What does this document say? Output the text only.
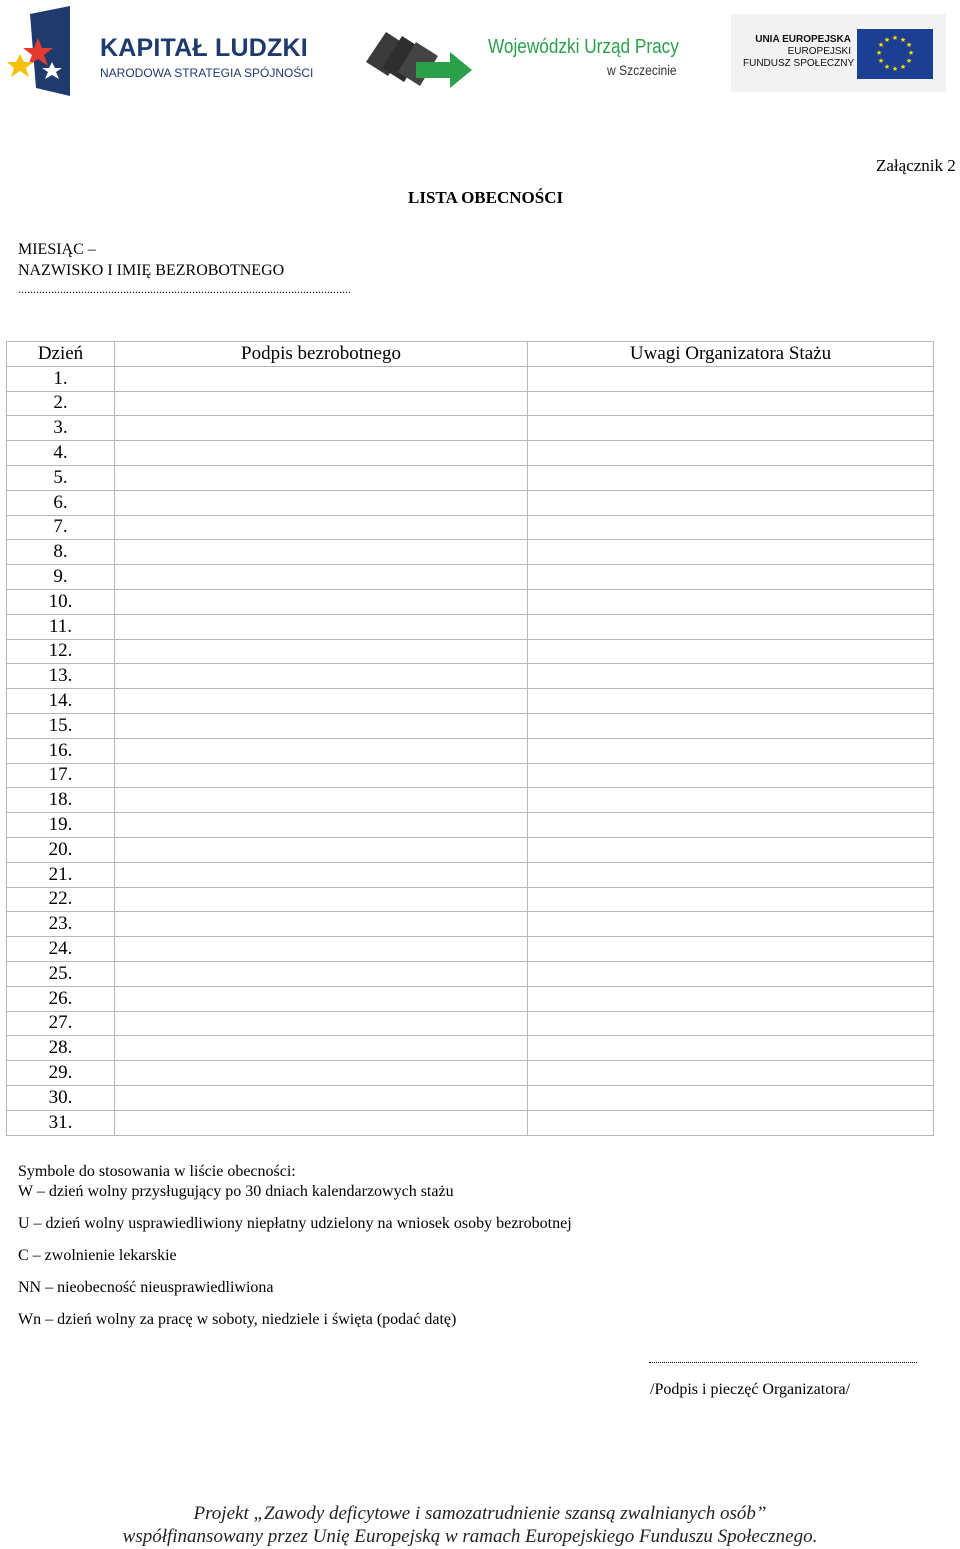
KAPITAŁ LUDZKI
NARODOWA STRATEGIA SPÓJNOŚCI
Wojewódzki Urząd Pracy
w Szczecinie
UNIA EUROPEJSKA
EUROPEJSKI
FUNDUSZ SPOŁECZNY
★ ★
★
★
★
★
★
★
★
★
★
★
Załącznik 2
LISTA OBECNOŚCI
MIESIĄC –
NAZWISKO I IMIĘ BEZROBOTNEGO
...............................................................................................................
Dzień	Podpis bezrobotnego	Uwagi Organizatora Stażu
1.		
2.		
3.		
4.		
5.		
6.		
7.		
8.		
9.		
10.		
11.		
12.		
13.		
14.		
15.		
16.		
17.		
18.		
19.		
20.		
21.		
22.		
23.		
24.		
25.		
26.		
27.		
28.		
29.		
30.		
31.		
Symbole do stosowania w liście obecności:
W – dzień wolny przysługujący po 30 dniach kalendarzowych stażu
U – dzień wolny usprawiedliwiony niepłatny udzielony na wniosek osoby bezrobotnej
C – zwolnienie lekarskie
NN – nieobecność nieusprawiedliwiona
Wn – dzień wolny za pracę w soboty, niedziele i święta (podać datę)
/Podpis i pieczęć Organizatora/
Projekt „Zawody deficytowe i samozatrudnienie szansą zwalnianych osób”
współfinansowany przez Unię Europejską w ramach Europejskiego Funduszu Społecznego.
